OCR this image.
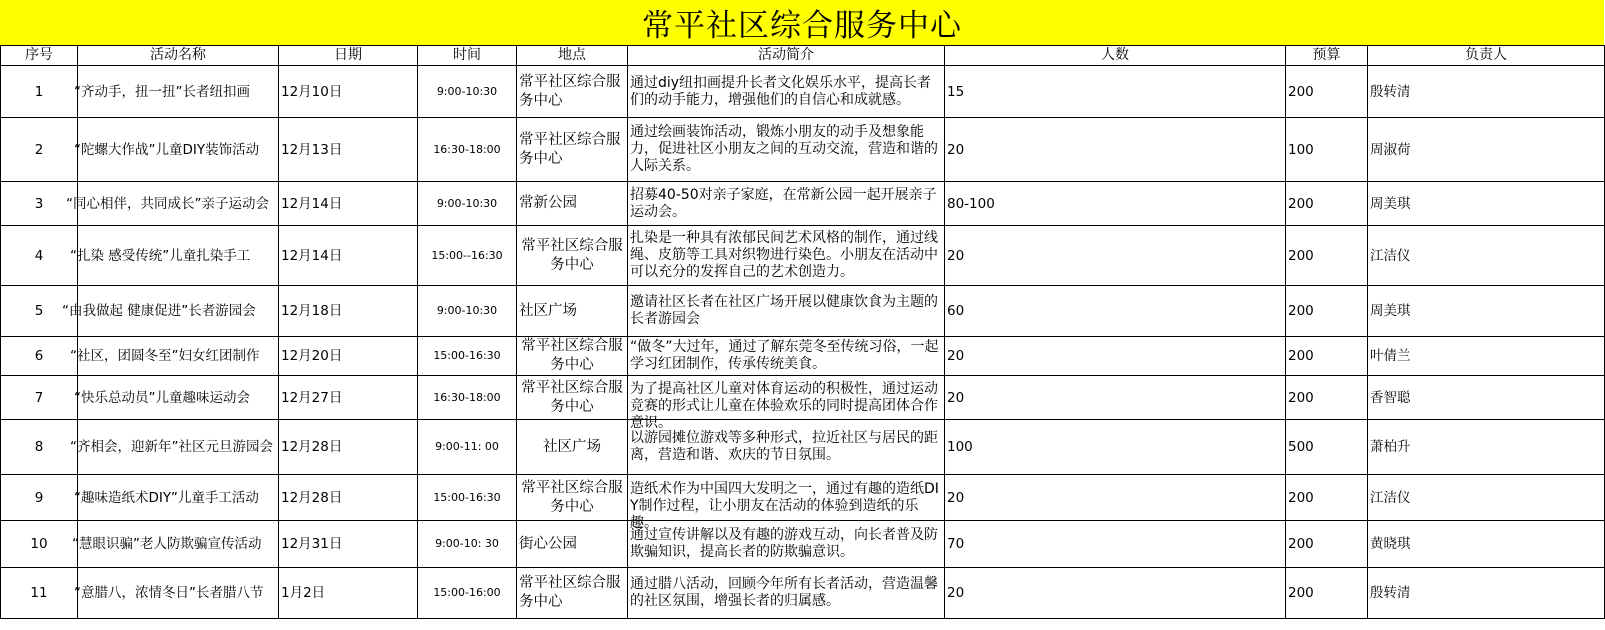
常平社区综合服务中心
序号	活动名称	日期	时间	地点	活动简介	人数	预算	负责人
1	“齐动手，扭一扭”长者纽扣画	12月10日	9:00-10:30	常平社区综合服务中心	通过diy纽扣画提升长者文化娱乐水平，提高长者们的动手能力，增强他们的自信心和成就感。	15	200	殷转清
2	“陀螺大作战”儿童DIY装饰活动	12月13日	16:30-18:00	常平社区综合服务中心	通过绘画装饰活动，锻炼小朋友的动手及想象能力，促进社区小朋友之间的互动交流，营造和谐的人际关系。	20	100	周淑荷
3	“同心相伴，共同成长”亲子运动会	12月14日	9:00-10:30	常新公园	招募40-50对亲子家庭，在常新公园一起开展亲子运动会。	80-100	200	周美琪
4	“扎染 感受传统”儿童扎染手工	12月14日	15:00--16:30	常平社区综合服务中心	扎染是一种具有浓郁民间艺术风格的制作，通过线绳、皮筋等工具对织物进行染色。小朋友在活动中可以充分的发挥自己的艺术创造力。	20	200	江洁仪
5	“由我做起 健康促进”长者游园会	12月18日	9:00-10:30	社区广场	邀请社区长者在社区广场开展以健康饮食为主题的长者游园会	60	200	周美琪
6	“社区，团圆冬至”妇女红团制作	12月20日	15:00-16:30	常平社区综合服务中心	“做冬”大过年，通过了解东莞冬至传统习俗，一起学习红团制作，传承传统美食。	20	200	叶倩兰
7	“快乐总动员”儿童趣味运动会	12月27日	16:30-18:00	常平社区综合服务中心	为了提高社区儿童对体育运动的积极性，通过运动竞赛的形式让儿童在体验欢乐的同时提高团体合作意识。	20	200	香智聪
8	“齐相会，迎新年”社区元旦游园会	12月28日	9:00-11: 00	社区广场	以游园摊位游戏等多种形式，拉近社区与居民的距离，营造和谐、欢庆的节日氛围。	100	500	萧柏升
9	“趣味造纸术DIY”儿童手工活动	12月28日	15:00-16:30	常平社区综合服务中心	造纸术作为中国四大发明之一，通过有趣的造纸DIY制作过程，让小朋友在活动的体验到造纸的乐趣。	20	200	江洁仪
10	“慧眼识骗”老人防欺骗宣传活动	12月31日	9:00-10: 30	街心公园	通过宣传讲解以及有趣的游戏互动，向长者普及防欺骗知识，提高长者的防欺骗意识。	70	200	黄晓琪
11	“意腊八，浓情冬日”长者腊八节	1月2日	15:00-16:00	常平社区综合服务中心	通过腊八活动，回顾今年所有长者活动，营造温馨的社区氛围，增强长者的归属感。	20	200	殷转清
